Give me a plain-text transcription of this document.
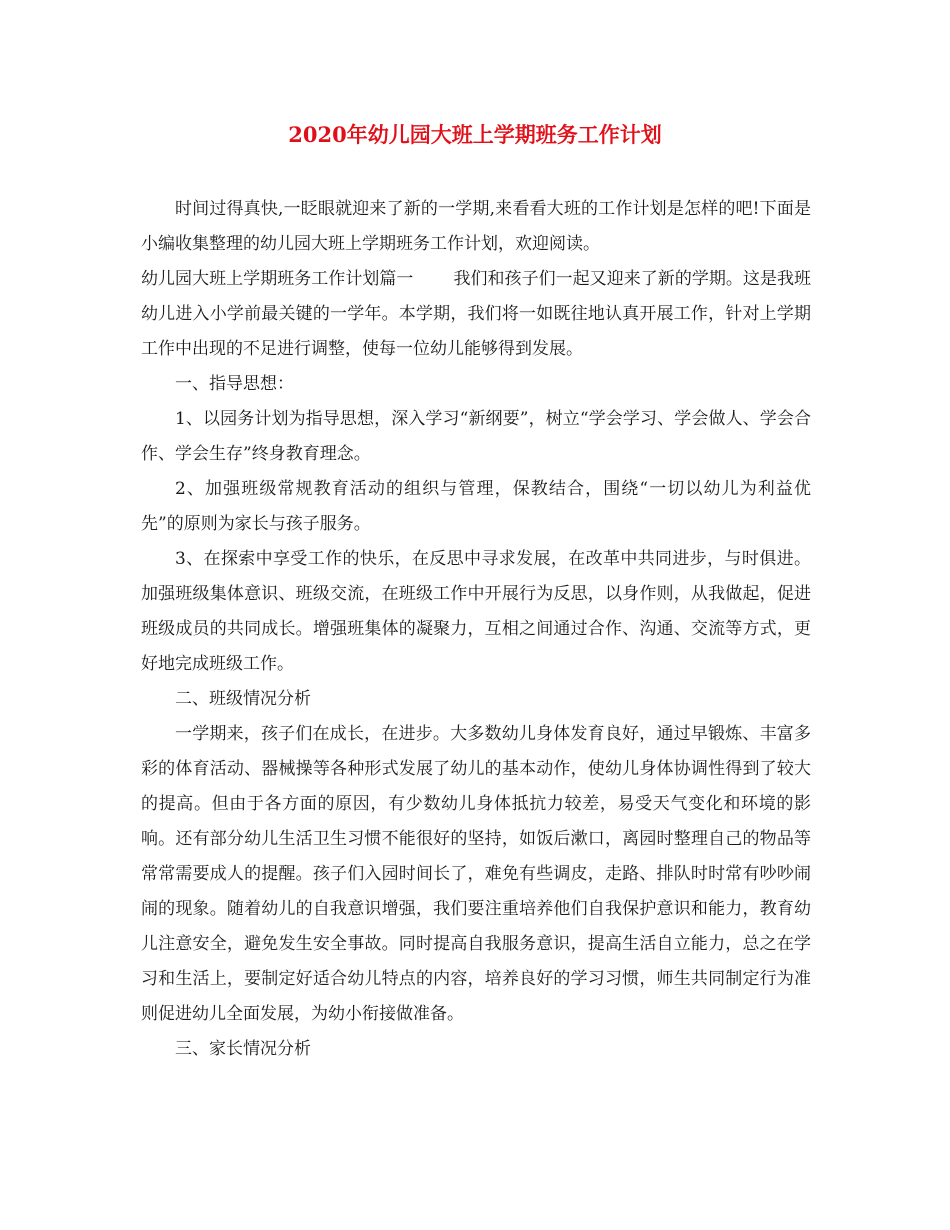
2020年幼儿园大班上学期班务工作计划

时间过得真快,一眨眼就迎来了新的一学期,来看看大班的工作计划是怎样的吧!下面是小编收集整理的幼儿园大班上学期班务工作计划，欢迎阅读。

幼儿园大班上学期班务工作计划篇一 我们和孩子们一起又迎来了新的学期。这是我班幼儿进入小学前最关键的一学年。本学期，我们将一如既往地认真开展工作，针对上学期工作中出现的不足进行调整，使每一位幼儿能够得到发展。

一、指导思想：

1、以园务计划为指导思想，深入学习“新纲要”，树立“学会学习、学会做人、学会合作、学会生存”终身教育理念。

2、加强班级常规教育活动的组织与管理，保教结合，围绕“一切以幼儿为利益优先”的原则为家长与孩子服务。

3、在探索中享受工作的快乐，在反思中寻求发展，在改革中共同进步，与时俱进。加强班级集体意识、班级交流，在班级工作中开展行为反思，以身作则，从我做起，促进班级成员的共同成长。增强班集体的凝聚力，互相之间通过合作、沟通、交流等方式，更好地完成班级工作。

二、班级情况分析

一学期来，孩子们在成长，在进步。大多数幼儿身体发育良好，通过早锻炼、丰富多彩的体育活动、器械操等各种形式发展了幼儿的基本动作，使幼儿身体协调性得到了较大的提高。但由于各方面的原因，有少数幼儿身体抵抗力较差，易受天气变化和环境的影响。还有部分幼儿生活卫生习惯不能很好的坚持，如饭后漱口，离园时整理自己的物品等常常需要成人的提醒。孩子们入园时间长了，难免有些调皮，走路、排队时时常有吵吵闹闹的现象。随着幼儿的自我意识增强，我们要注重培养他们自我保护意识和能力，教育幼儿注意安全，避免发生安全事故。同时提高自我服务意识，提高生活自立能力，总之在学习和生活上，要制定好适合幼儿特点的内容，培养良好的学习习惯，师生共同制定行为准则促进幼儿全面发展，为幼小衔接做准备。

三、家长情况分析
